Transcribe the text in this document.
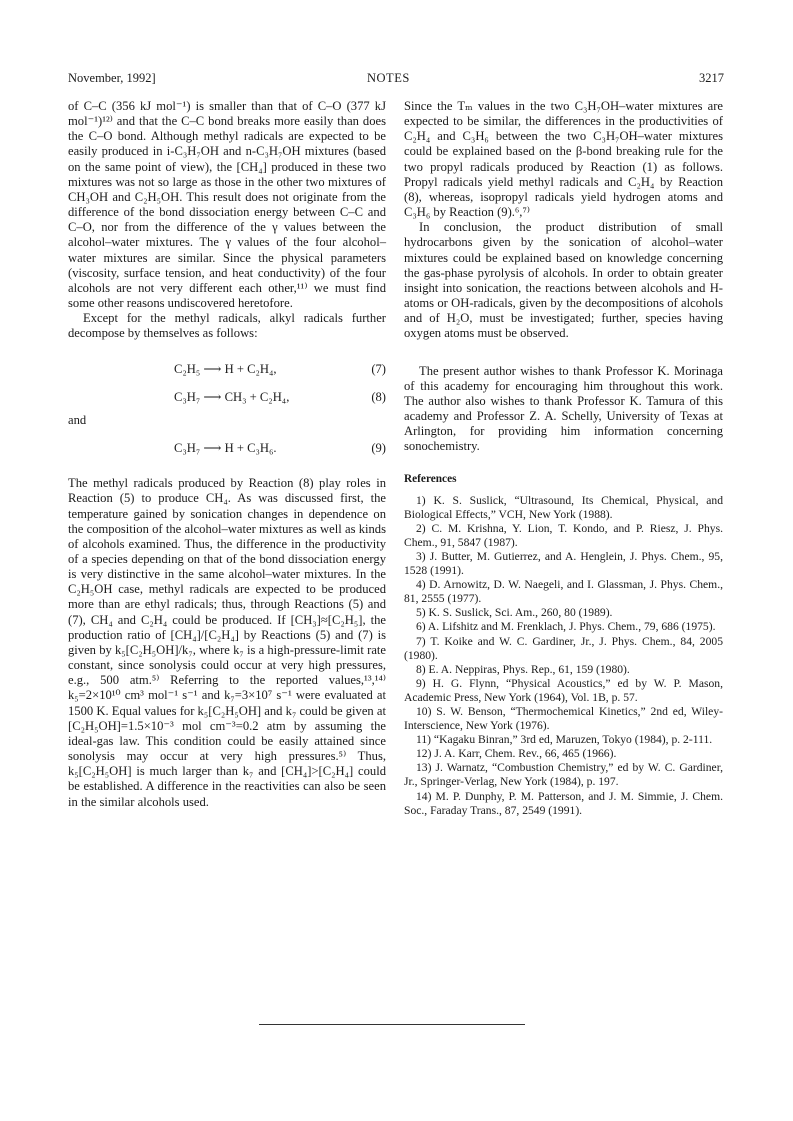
November, 1992]	NOTES	3217

of C–C (356 kJ mol⁻¹) is smaller than that of C–O (377 kJ mol⁻¹)¹²⁾ and that the C–C bond breaks more easily than does the C–O bond. Although methyl radicals are expected to be easily produced in i-C₃H₇OH and n-C₃H₇OH mixtures (based on the same point of view), the [CH₄] produced in these two mixtures was not so large as those in the other two mixtures of CH₃OH and C₂H₅OH. This result does not originate from the difference of the bond dissociation energy between C–C and C–O, nor from the difference of the γ values between the alcohol–water mixtures. The γ values of the four alcohol–water mixtures are similar. Since the physical parameters (viscosity, surface tension, and heat conductivity) of the four alcohols are not very different each other,¹¹⁾ we must find some other reasons undiscovered heretofore.

Except for the methyl radicals, alkyl radicals further decompose by themselves as follows:

C₂H₅ ⟶ H + C₂H₄,	(7)
C₃H₇ ⟶ CH₃ + C₂H₄,	(8)

and

C₃H₇ ⟶ H + C₃H₆.	(9)

The methyl radicals produced by Reaction (8) play roles in Reaction (5) to produce CH₄. As was discussed first, the temperature gained by sonication changes in dependence on the composition of the alcohol–water mixtures as well as kinds of alcohols examined. Thus, the difference in the productivity of a species depending on that of the bond dissociation energy is very distinctive in the same alcohol–water mixtures. In the C₂H₅OH case, methyl radicals are expected to be produced more than are ethyl radicals; thus, through Reactions (5) and (7), CH₄ and C₂H₄ could be produced. If [CH₃]≈[C₂H₅], the production ratio of [CH₄]/[C₂H₄] by Reactions (5) and (7) is given by k₅[C₂H₅OH]/k₇, where k₇ is a high-pressure-limit rate constant, since sonolysis could occur at very high pressures, e.g., 500 atm.⁵⁾ Referring to the reported values,¹³,¹⁴⁾ k₅=2×10¹⁰ cm³ mol⁻¹ s⁻¹ and k₇=3×10⁷ s⁻¹ were evaluated at 1500 K. Equal values for k₅[C₂H₅OH] and k₇ could be given at [C₂H₅OH]=1.5×10⁻³ mol cm⁻³=0.2 atm by assuming the ideal-gas law. This condition could be easily attained since sonolysis may occur at very high pressures.⁵⁾ Thus, k₅[C₂H₅OH] is much larger than k₇ and [CH₄]>[C₂H₄] could be established. A difference in the reactivities can also be seen in the similar alcohols used.

Since the Tₘ values in the two C₃H₇OH–water mixtures are expected to be similar, the differences in the productivities of C₂H₄ and C₃H₆ between the two C₃H₇OH–water mixtures could be explained based on the β-bond breaking rule for the two propyl radicals produced by Reaction (1) as follows. Propyl radicals yield methyl radicals and C₂H₄ by Reaction (8), whereas, isopropyl radicals yield hydrogen atoms and C₃H₆ by Reaction (9).⁶,⁷⁾

In conclusion, the product distribution of small hydrocarbons given by the sonication of alcohol–water mixtures could be explained based on knowledge concerning the gas-phase pyrolysis of alcohols. In order to obtain greater insight into sonication, the reactions between alcohols and H-atoms or OH-radicals, given by the decompositions of alcohols and of H₂O, must be investigated; further, species having oxygen atoms must be observed.

The present author wishes to thank Professor K. Morinaga of this academy for encouraging him throughout this work. The author also wishes to thank Professor K. Tamura of this academy and Professor Z. A. Schelly, University of Texas at Arlington, for providing him information concerning sonochemistry.

References

1) K. S. Suslick, “Ultrasound, Its Chemical, Physical, and Biological Effects,” VCH, New York (1988).

2) C. M. Krishna, Y. Lion, T. Kondo, and P. Riesz, J. Phys. Chem., 91, 5847 (1987).

3) J. Butter, M. Gutierrez, and A. Henglein, J. Phys. Chem., 95, 1528 (1991).

4) D. Arnowitz, D. W. Naegeli, and I. Glassman, J. Phys. Chem., 81, 2555 (1977).

5) K. S. Suslick, Sci. Am., 260, 80 (1989).

6) A. Lifshitz and M. Frenklach, J. Phys. Chem., 79, 686 (1975).

7) T. Koike and W. C. Gardiner, Jr., J. Phys. Chem., 84, 2005 (1980).

8) E. A. Neppiras, Phys. Rep., 61, 159 (1980).

9) H. G. Flynn, “Physical Acoustics,” ed by W. P. Mason, Academic Press, New York (1964), Vol. 1B, p. 57.

10) S. W. Benson, “Thermochemical Kinetics,” 2nd ed, Wiley-Interscience, New York (1976).

11) “Kagaku Binran,” 3rd ed, Maruzen, Tokyo (1984), p. 2-111.

12) J. A. Karr, Chem. Rev., 66, 465 (1966).

13) J. Warnatz, “Combustion Chemistry,” ed by W. C. Gardiner, Jr., Springer-Verlag, New York (1984), p. 197.

14) M. P. Dunphy, P. M. Patterson, and J. M. Simmie, J. Chem. Soc., Faraday Trans., 87, 2549 (1991).
